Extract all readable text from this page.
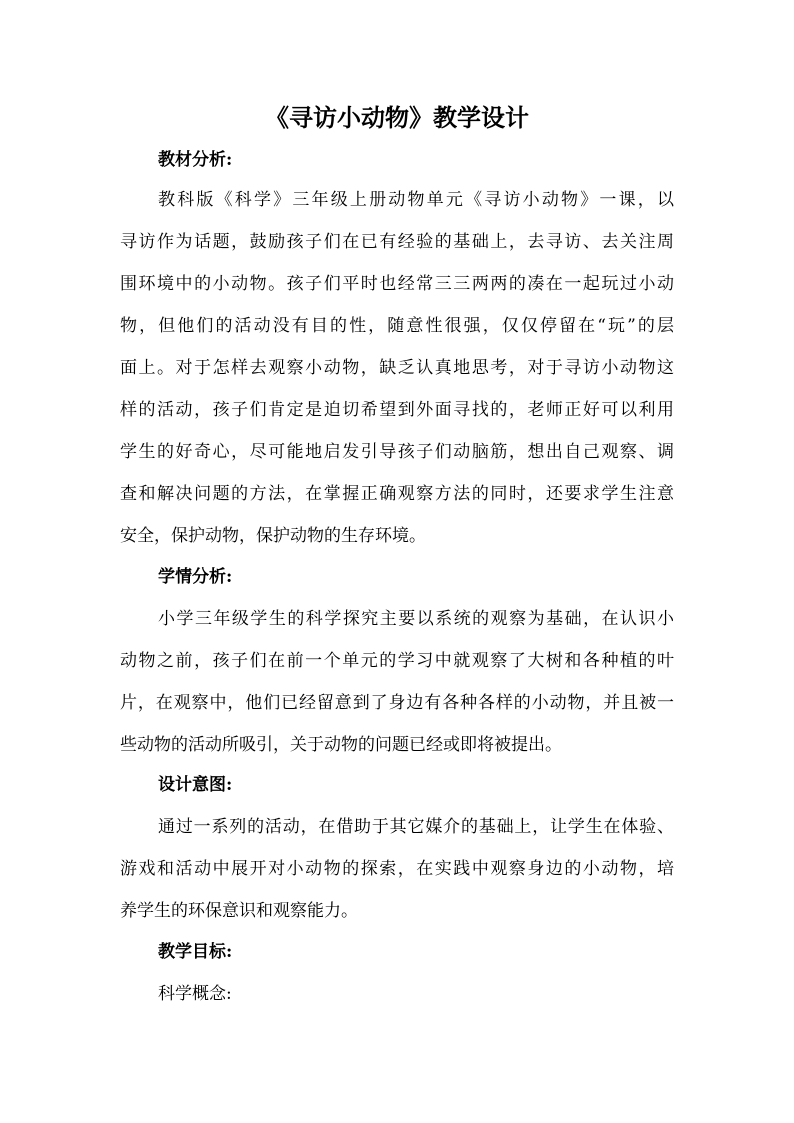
《寻访小动物》教学设计
教材分析:
教科版《科学》三年级上册动物单元《寻访小动物》一课，以
寻访作为话题，鼓励孩子们在已有经验的基础上，去寻访、去关注周
围环境中的小动物。孩子们平时也经常三三两两的凑在一起玩过小动
物，但他们的活动没有目的性，随意性很强，仅仅停留在“玩”的层
面上。对于怎样去观察小动物，缺乏认真地思考，对于寻访小动物这
样的活动，孩子们肯定是迫切希望到外面寻找的，老师正好可以利用
学生的好奇心，尽可能地启发引导孩子们动脑筋，想出自己观察、调
查和解决问题的方法，在掌握正确观察方法的同时，还要求学生注意
安全，保护动物，保护动物的生存环境。
学情分析:
小学三年级学生的科学探究主要以系统的观察为基础，在认识小
动物之前，孩子们在前一个单元的学习中就观察了大树和各种植的叶
片，在观察中，他们已经留意到了身边有各种各样的小动物，并且被一
些动物的活动所吸引，关于动物的问题已经或即将被提出。
设计意图:
通过一系列的活动，在借助于其它媒介的基础上，让学生在体验、
游戏和活动中展开对小动物的探索，在实践中观察身边的小动物，培
养学生的环保意识和观察能力。
教学目标:
科学概念:
